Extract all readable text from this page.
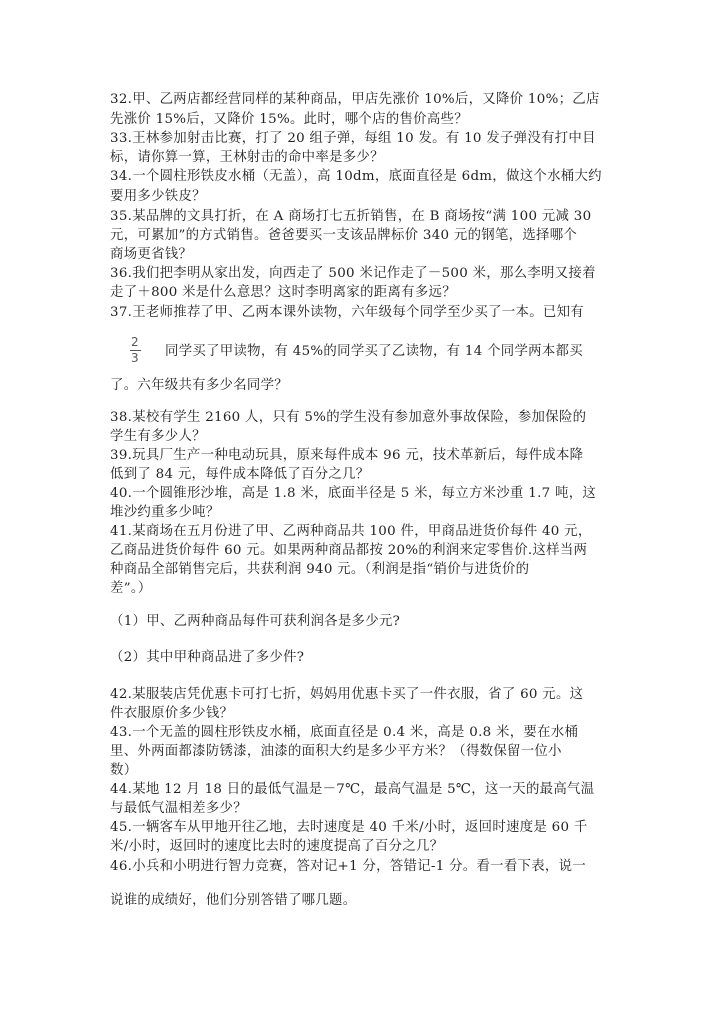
32.甲、乙两店都经营同样的某种商品，甲店先涨价 10%后，又降价 10%；乙店
先涨价 15%后，又降价 15%。此时，哪个店的售价高些？
33.王林参加射击比赛，打了 20 组子弹，每组 10 发。有 10 发子弹没有打中目
标，请你算一算，王林射击的命中率是多少？
34.一个圆柱形铁皮水桶（无盖），高 10dm，底面直径是 6dm，做这个水桶大约
要用多少铁皮？
35.某品牌的文具打折，在 A 商场打七五折销售，在 B 商场按“满 100 元减 30
元，可累加”的方式销售。爸爸要买一支该品牌标价 340 元的钢笔，选择哪个
商场更省钱？
36.我们把李明从家出发，向西走了 500 米记作走了－500 米，那么李明又接着
走了＋800 米是什么意思？这时李明离家的距离有多远？
37.王老师推荐了甲、乙两本课外读物，六年级每个同学至少买了一本。已知有
2
3 同学买了甲读物，有 45%的同学买了乙读物，有 14 个同学两本都买
了。六年级共有多少名同学？
38.某校有学生 2160 人，只有 5%的学生没有参加意外事故保险，参加保险的
学生有多少人？
39.玩具厂生产一种电动玩具，原来每件成本 96 元，技术革新后，每件成本降
低到了 84 元，每件成本降低了百分之几？
40.一个圆锥形沙堆，高是 1.8 米，底面半径是 5 米，每立方米沙重 1.7 吨，这
堆沙约重多少吨？
41.某商场在五月份进了甲、乙两种商品共 100 件，甲商品进货价每件 40 元，
乙商品进货价每件 60 元。如果两种商品都按 20%的利润来定零售价.这样当两
种商品全部销售完后，共获利润 940 元。（利润是指“销价与进货价的
差”。）
（1）甲、乙两种商品每件可获利润各是多少元?
（2）其中甲种商品进了多少件?
42.某服装店凭优惠卡可打七折，妈妈用优惠卡买了一件衣服，省了 60 元。这
件衣服原价多少钱？
43.一个无盖的圆柱形铁皮水桶，底面直径是 0.4 米，高是 0.8 米，要在水桶
里、外两面都漆防锈漆，油漆的面积大约是多少平方米？（得数保留一位小
数）
44.某地 12 月 18 日的最低气温是－7℃，最高气温是 5℃，这一天的最高气温
与最低气温相差多少？
45.一辆客车从甲地开往乙地，去时速度是 40 千米/小时，返回时速度是 60 千
米/小时，返回时的速度比去时的速度提高了百分之几？
46.小兵和小明进行智力竞赛，答对记+1 分，答错记-1 分。看一看下表，说一
说谁的成绩好，他们分别答错了哪几题。
